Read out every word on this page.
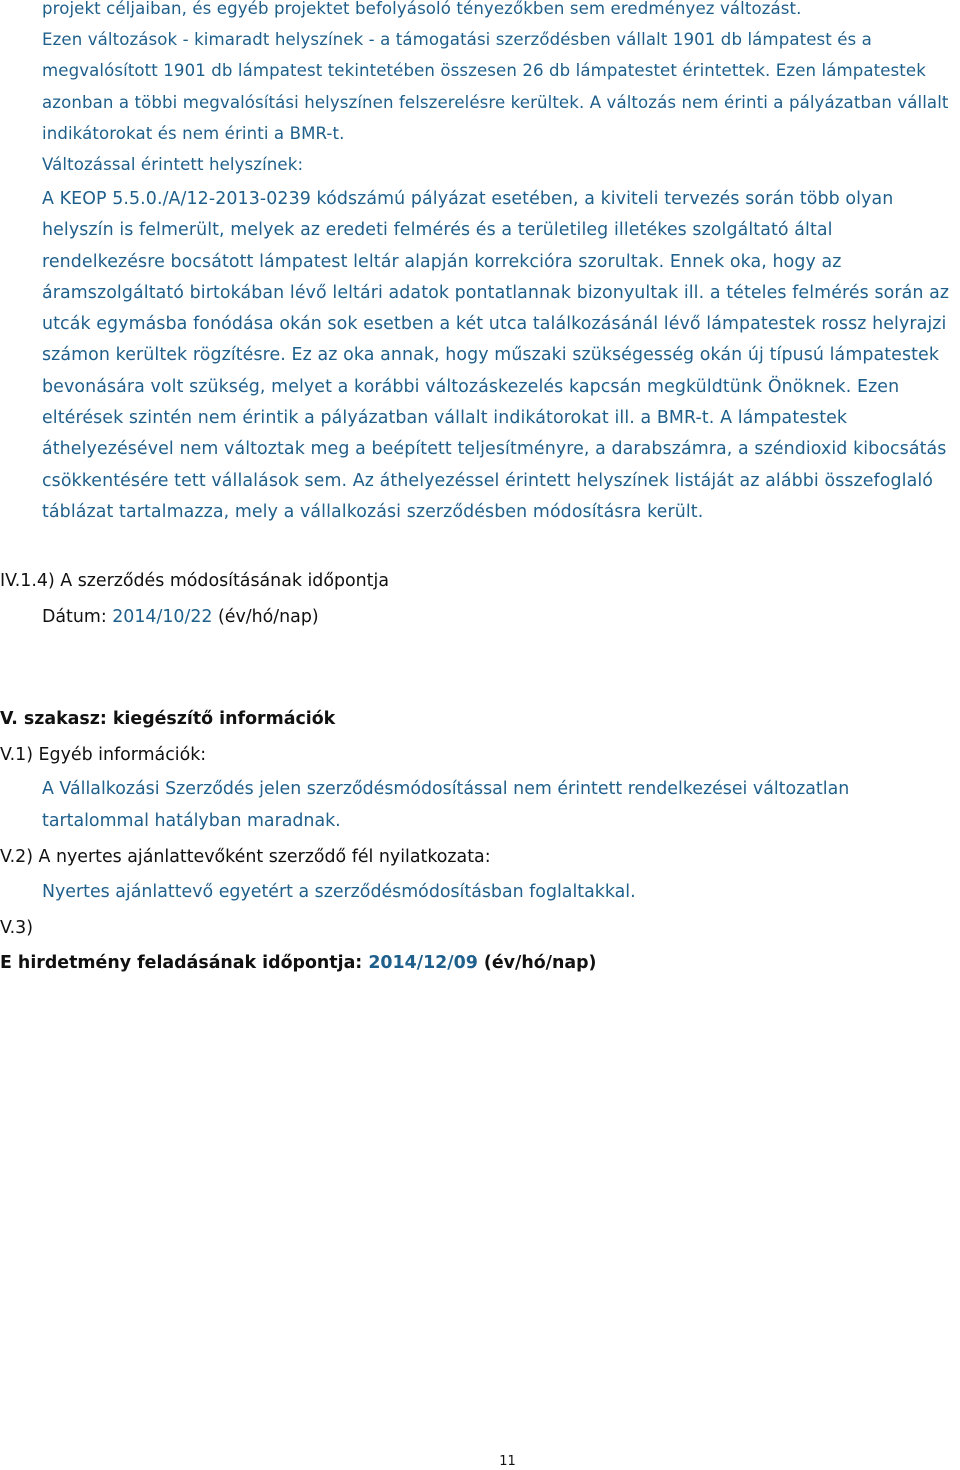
projekt céljaiban, és egyéb projektet befolyásoló tényezőkben sem eredményez változást.

Ezen változások - kimaradt helyszínek - a támogatási szerződésben vállalt 1901 db lámpatest és a megvalósított 1901 db lámpatest tekintetében összesen 26 db lámpatestet érintettek. Ezen lámpatestek azonban a többi megvalósítási helyszínen felszerelésre kerültek. A változás nem érinti a pályázatban vállalt indikátorokat és nem érinti a BMR-t.

Változással érintett helyszínek:

A KEOP 5.5.0./A/12-2013-0239 kódszámú pályázat esetében, a kiviteli tervezés során több olyan helyszín is felmerült, melyek az eredeti felmérés és a területileg illetékes szolgáltató által rendelkezésre bocsátott lámpatest leltár alapján korrekcióra szorultak. Ennek oka, hogy az áramszolgáltató birtokában lévő leltári adatok pontatlannak bizonyultak ill. a tételes felmérés során az utcák egymásba fonódása okán sok esetben a két utca találkozásánál lévő lámpatestek rossz helyrajzi számon kerültek rögzítésre. Ez az oka annak, hogy műszaki szükségesség okán új típusú lámpatestek bevonására volt szükség, melyet a korábbi változáskezelés kapcsán megküldtünk Önöknek. Ezen eltérések szintén nem érintik a pályázatban vállalt indikátorokat ill. a BMR-t. A lámpatestek áthelyezésével nem változtak meg a beépített teljesítményre, a darabszámra, a széndioxid kibocsátás csökkentésére tett vállalások sem. Az áthelyezéssel érintett helyszínek listáját az alábbi összefoglaló táblázat tartalmazza, mely a vállalkozási szerződésben módosításra került.

IV.1.4) A szerződés módosításának időpontja
Dátum: 2014/10/22 (év/hó/nap)
V. szakasz: kiegészítő információk
V.1) Egyéb információk:
A Vállalkozási Szerződés jelen szerződésmódosítással nem érintett rendelkezései változatlan tartalommal hatályban maradnak.
V.2) A nyertes ajánlattevőként szerződő fél nyilatkozata:
Nyertes ajánlattevő egyetért a szerződésmódosításban foglaltakkal.
V.3)
E hirdetmény feladásának időpontja: 2014/12/09 (év/hó/nap)
11
